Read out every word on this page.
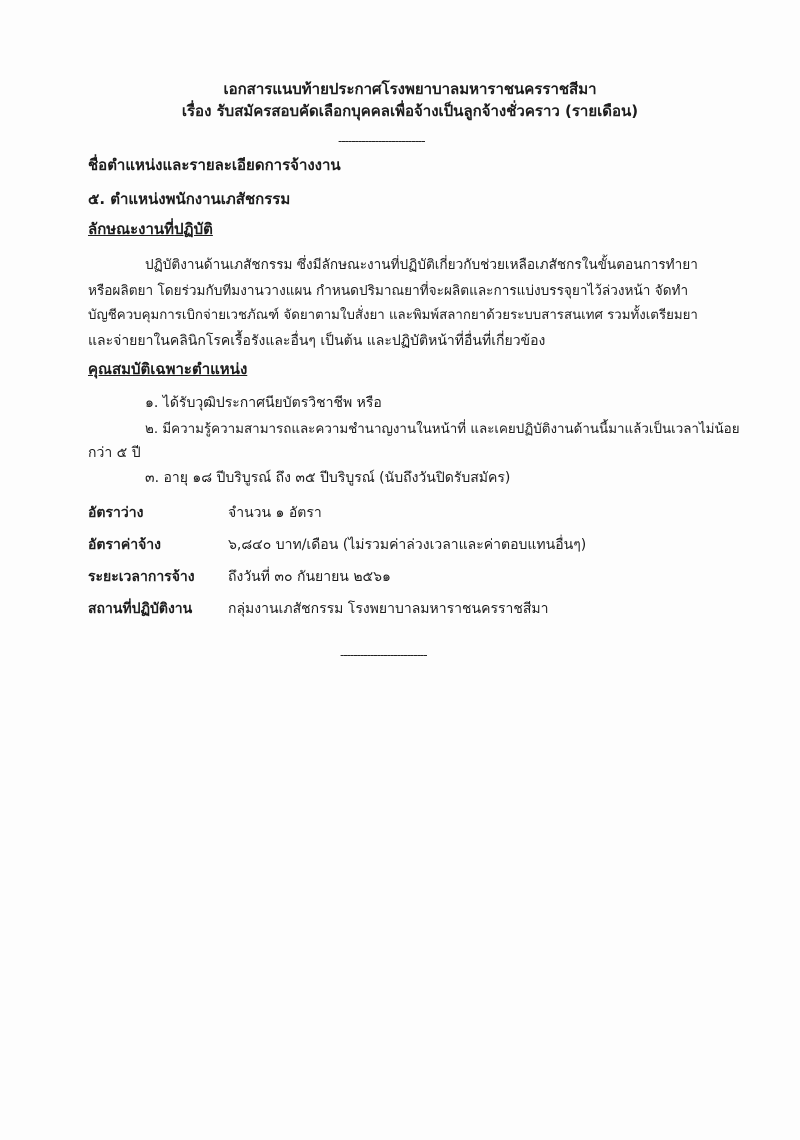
เอกสารแนบท้ายประกาศโรงพยาบาลมหาราชนครราชสีมา
เรื่อง รับสมัครสอบคัดเลือกบุคคลเพื่อจ้างเป็นลูกจ้างชั่วคราว (รายเดือน)
--------------------------
ชื่อตำแหน่งและรายละเอียดการจ้างงาน
๕. ตำแหน่งพนักงานเภสัชกรรม
ลักษณะงานที่ปฏิบัติ
ปฏิบัติงานด้านเภสัชกรรม ซึ่งมีลักษณะงานที่ปฏิบัติเกี่ยวกับช่วยเหลือเภสัชกรในขั้นตอนการทำยา
หรือผลิตยา โดยร่วมกับทีมงานวางแผน กำหนดปริมาณยาที่จะผลิตและการแบ่งบรรจุยาไว้ล่วงหน้า จัดทำ
บัญชีควบคุมการเบิกจ่ายเวชภัณฑ์ จัดยาตามใบสั่งยา และพิมพ์สลากยาด้วยระบบสารสนเทศ รวมทั้งเตรียมยา
และจ่ายยาในคลินิกโรคเรื้อรังและอื่นๆ เป็นต้น และปฏิบัติหน้าที่อื่นที่เกี่ยวข้อง
คุณสมบัติเฉพาะตำแหน่ง
๑. ได้รับวุฒิประกาศนียบัตรวิชาชีพ หรือ
๒. มีความรู้ความสามารถและความชำนาญงานในหน้าที่ และเคยปฏิบัติงานด้านนี้มาแล้วเป็นเวลาไม่น้อย
กว่า ๕ ปี
๓. อายุ ๑๘ ปีบริบูรณ์ ถึง ๓๕ ปีบริบูรณ์ (นับถึงวันปิดรับสมัคร)
อัตราว่าง	จำนวน ๑ อัตรา
อัตราค่าจ้าง	๖,๘๔๐ บาท/เดือน (ไม่รวมค่าล่วงเวลาและค่าตอบแทนอื่นๆ)
ระยะเวลาการจ้าง ถึงวันที่ ๓๐ กันยายน ๒๕๖๑
สถานที่ปฏิบัติงาน	กลุ่มงานเภสัชกรรม โรงพยาบาลมหาราชนครราชสีมา
--------------------------
